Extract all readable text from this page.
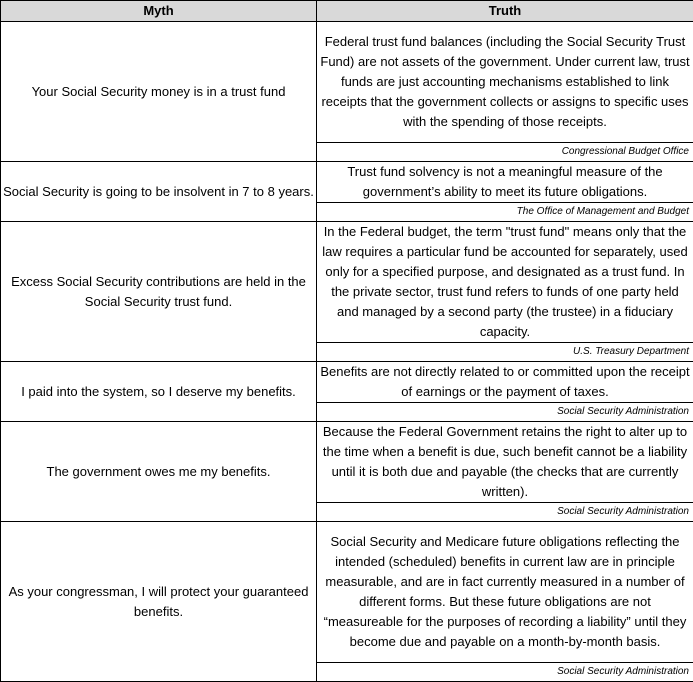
Myth	Truth
Your Social Security money is in a trust fund	Federal trust fund balances (including the Social Security Trust Fund) are not assets of the government. Under current law, trust funds are just accounting mechanisms established to link receipts that the government collects or assigns to specific uses with the spending of those receipts.
	Congressional Budget Office
Social Security is going to be insolvent in 7 to 8 years.	Trust fund solvency is not a meaningful measure of the government’s ability to meet its future obligations.
	The Office of Management and Budget
Excess Social Security contributions are held in the Social Security trust fund.	In the Federal budget, the term "trust fund" means only that the law requires a particular fund be accounted for separately, used only for a specified purpose, and designated as a trust fund. In the private sector, trust fund refers to funds of one party held and managed by a second party (the trustee) in a fiduciary capacity.
	U.S. Treasury Department
I paid into the system, so I deserve my benefits.	Benefits are not directly related to or committed upon the receipt of earnings or the payment of taxes.
	Social Security Administration
The government owes me my benefits.	Because the Federal Government retains the right to alter up to the time when a benefit is due, such benefit cannot be a liability until it is both due and payable (the checks that are currently written).
	Social Security Administration
As your congressman, I will protect your guaranteed benefits.	Social Security and Medicare future obligations reflecting the intended (scheduled) benefits in current law are in principle measurable, and are in fact currently measured in a number of different forms. But these future obligations are not “measureable for the purposes of recording a liability” until they become due and payable on a month-by-month basis.
	Social Security Administration
